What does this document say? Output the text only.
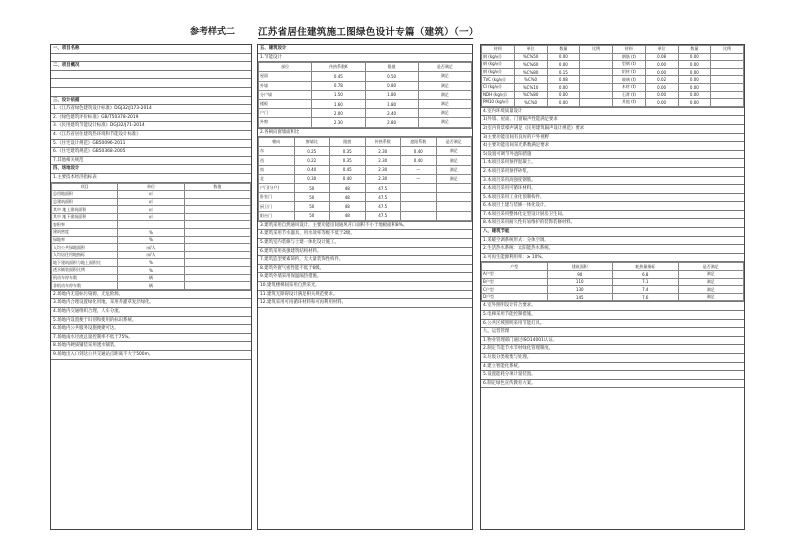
参考样式二 江苏省居住建筑施工图绿色设计专篇（建筑）（一）
一、项目名称
二、项目概况
三、设计依据
1.《江苏省绿色建筑设计标准》DGJ32/J173-2014
2.《绿色建筑评价标准》GB/T50378-2019
3.《民用建筑节能设计标准》DGJ32/J71-2014
4.《江苏省居住建筑热环境和节能设计标准》
5.《住宅设计规范》GB50096-2011
6.《住宅建筑规范》GB50368-2005
7.其他相关规范
四、场地设计
1.主要技术经济指标表
项目	单位	数值
总用地面积	㎡	
总建筑面积	㎡	
其中 地上建筑面积	㎡	
其中 地下建筑面积	㎡	
容积率		
建筑密度	%	
绿地率	%	
人均公共绿地面积	㎡/人	
人均居住用地指标	㎡/人	
地下建筑面积与地上面积比	%	
透水铺装面积比例	%	
机动车停车数	辆	
非机动车停车数	辆	
2.场地内无超标污染源，无危险源。
3.场地内合理设置绿化用地，采用乔灌草复层绿化。
4.场地内交通组织合理，人车分流。
5.场地内设置便于识别和使用的标识系统。
6.场地内公共服务设施便捷可达。
7.场地雨水径流总量控制率不低于75%。
8.场地内硬质铺装采用透水铺装。
9.场地出入口到达公共交通站点距离不大于500m。
五、建筑设计
1.节能设计
部位	传热系数K	限值	是否满足
屋面	0.45	0.50	满足
外墙	0.78	0.80	满足
分户墙	1.50	1.80	满足
楼板	1.60	1.80	满足
户门	2.00	2.40	满足
外窗	2.30	2.80	满足
2.各朝向窗墙面积比
朝向	窗墙比	限值	传热系数	遮阳系数	是否满足
东	0.25	0.35	2.30	0.40	满足
西	0.22	0.35	2.30	0.40	满足
南	0.40	0.45	2.30	—	满足
北	0.30	0.40	2.30	—	满足
户门(分户)	50	48	47.5		
卧室门	50	48	47.5		
厨卫门	50	48	47.5		
阳台门	50	48	47.5		
3.建筑采用自然通风设计，主要功能房间通风开口面积不小于地板面积8%。
4.建筑采用节水器具，用水效率等级不低于2级。
5.建筑室内装修与土建一体化设计施工。
6.建筑采用高强建筑结构材料。
7.建筑造型要素简约，无大量装饰性构件。
8.建筑外窗气密性能不低于6级。
9.建筑外墙采用保温隔热措施。
10.建筑楼梯间采用自然采光。
11.建筑无障碍设计满足相关规范要求。
12.建筑采用可再循环材料和可再利用材料。
材料	单位	数量	比例	材料	单位	数量	比例
钢 (kg/㎡)	%C%50	0.00		钢筋 (t)	0.08	0.00	
钢 (kg/㎡)	%C%60	0.00		型钢 (t)	0.00	0.00	
钢 (kg/㎡)	%C%80	0.15		铝材 (t)	0.00	0.00	
TVC (kg/㎡)	%C%0	0.08		玻璃 (t)	0.02	0.00	
Cl (kg/㎡)	%C%10	0.00		木材 (t)	0.00	0.00	
NDH (kg/㎡)	%C%80	0.00		石膏 (t)	0.00	0.00	
PM10 (kg/㎡)	%C%0	0.00		其他 (t)	0.00	0.00	
4.室内环境质量设计
1)外墙、屋面、门窗隔声性能满足要求
2)室内背景噪声满足《民用建筑隔声设计规范》要求
3)主要功能房间有良好的户外视野
4)主要功能房间采光系数满足要求
5)设置可调节外遮阳措施
1.本项目采用预拌混凝土。
2.本项目采用预拌砂浆。
3.本项目采用高强度钢筋。
4.本项目采用可循环材料。
5.本项目采用工业化预制构件。
6.本项目土建与装修一体化设计。
7.本项目采用整体化定型设计厨房卫生间。
8.本项目采用耐久性好易维护的装饰装修材料。
八、建筑节能
1.采暖空调系统形式：分体空调。
2.生活热水系统：太阳能热水系统。
3.可再生能源利用率：≥ 10%。
户型	建筑面积	耗热量指标	是否满足
A户型	90	6.8	满足
B户型	110	7.1	满足
C户型	130	7.4	满足
D户型	145	7.6	满足
4.室外照明设计符合要求。
5.电梯采用节能控制措施。
6.公共区域照明采用节能灯具。
九、运营管理
1.物业管理部门通过ISO14001认证。
2.制定节能节水节材绿化管理制度。
3.垃圾分类收集与处理。
4.建立智能化系统。
5.设置能耗分项计量装置。
6.制定绿色宣传教育方案。
